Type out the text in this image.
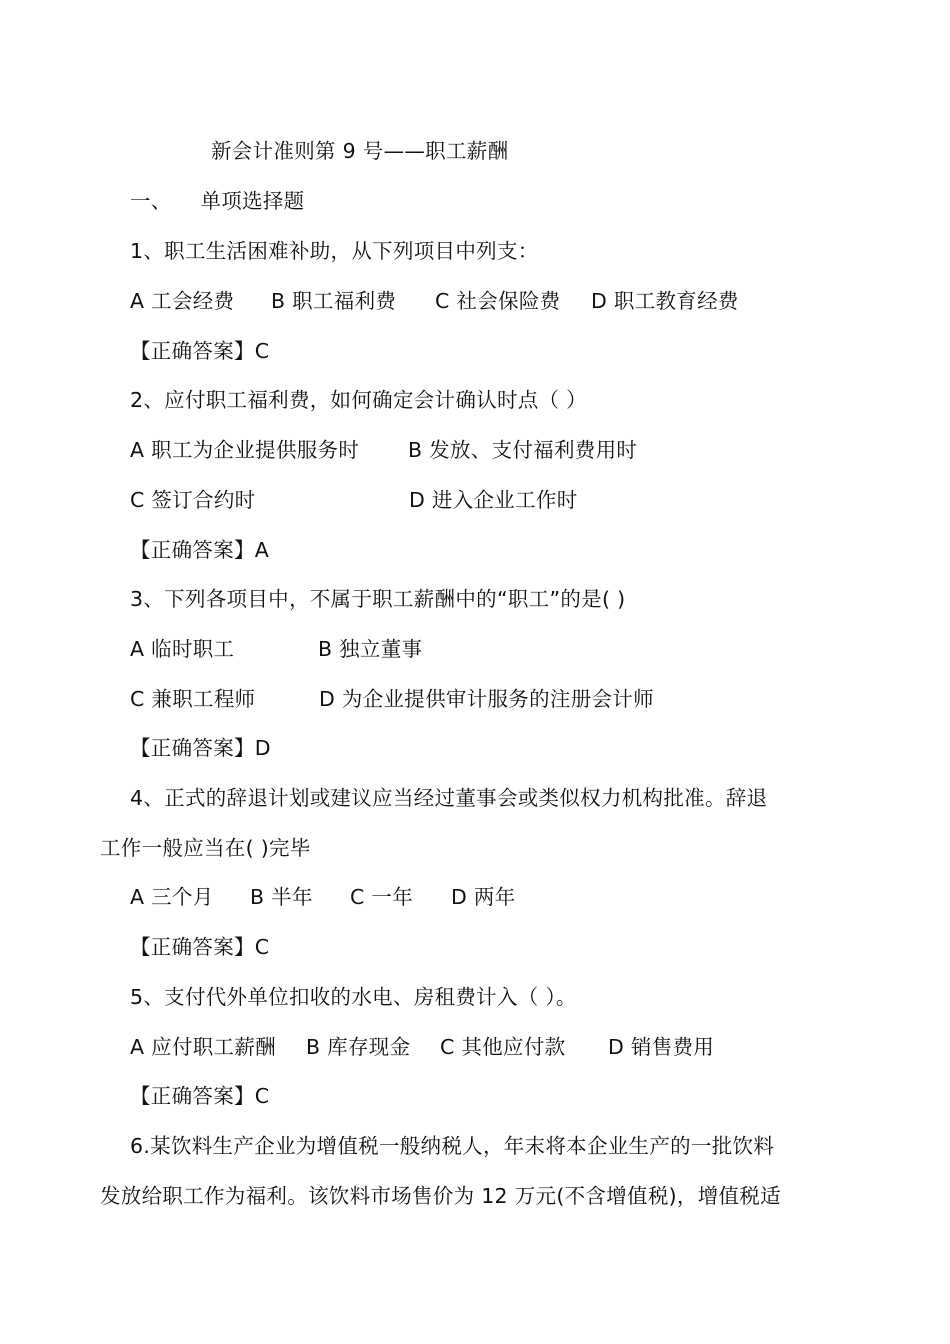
新会计准则第 9 号——职工薪酬
一、 单项选择题
1、职工生活困难补助，从下列项目中列支：
A 工会经费 B 职工福利费 C 社会保险费 D 职工教育经费
【正确答案】C
2、应付职工福利费，如何确定会计确认时点（ ）
A 职工为企业提供服务时 B 发放、支付福利费用时
C 签订合约时	D 进入企业工作时
【正确答案】A
3、下列各项目中，不属于职工薪酬中的“职工”的是( )
A 临时职工	B 独立董事
C 兼职工程师	D 为企业提供审计服务的注册会计师
【正确答案】D
4、正式的辞退计划或建议应当经过董事会或类似权力机构批准。辞退
工作一般应当在( )完毕
A 三个月 B 半年 C 一年 D 两年
【正确答案】C
5、支付代外单位扣收的水电、房租费计入（ ）。
A 应付职工薪酬 B 库存现金 C 其他应付款 D 销售费用
【正确答案】C
6.某饮料生产企业为增值税一般纳税人，年末将本企业生产的一批饮料
发放给职工作为福利。该饮料市场售价为 12 万元(不含增值税)，增值税适
